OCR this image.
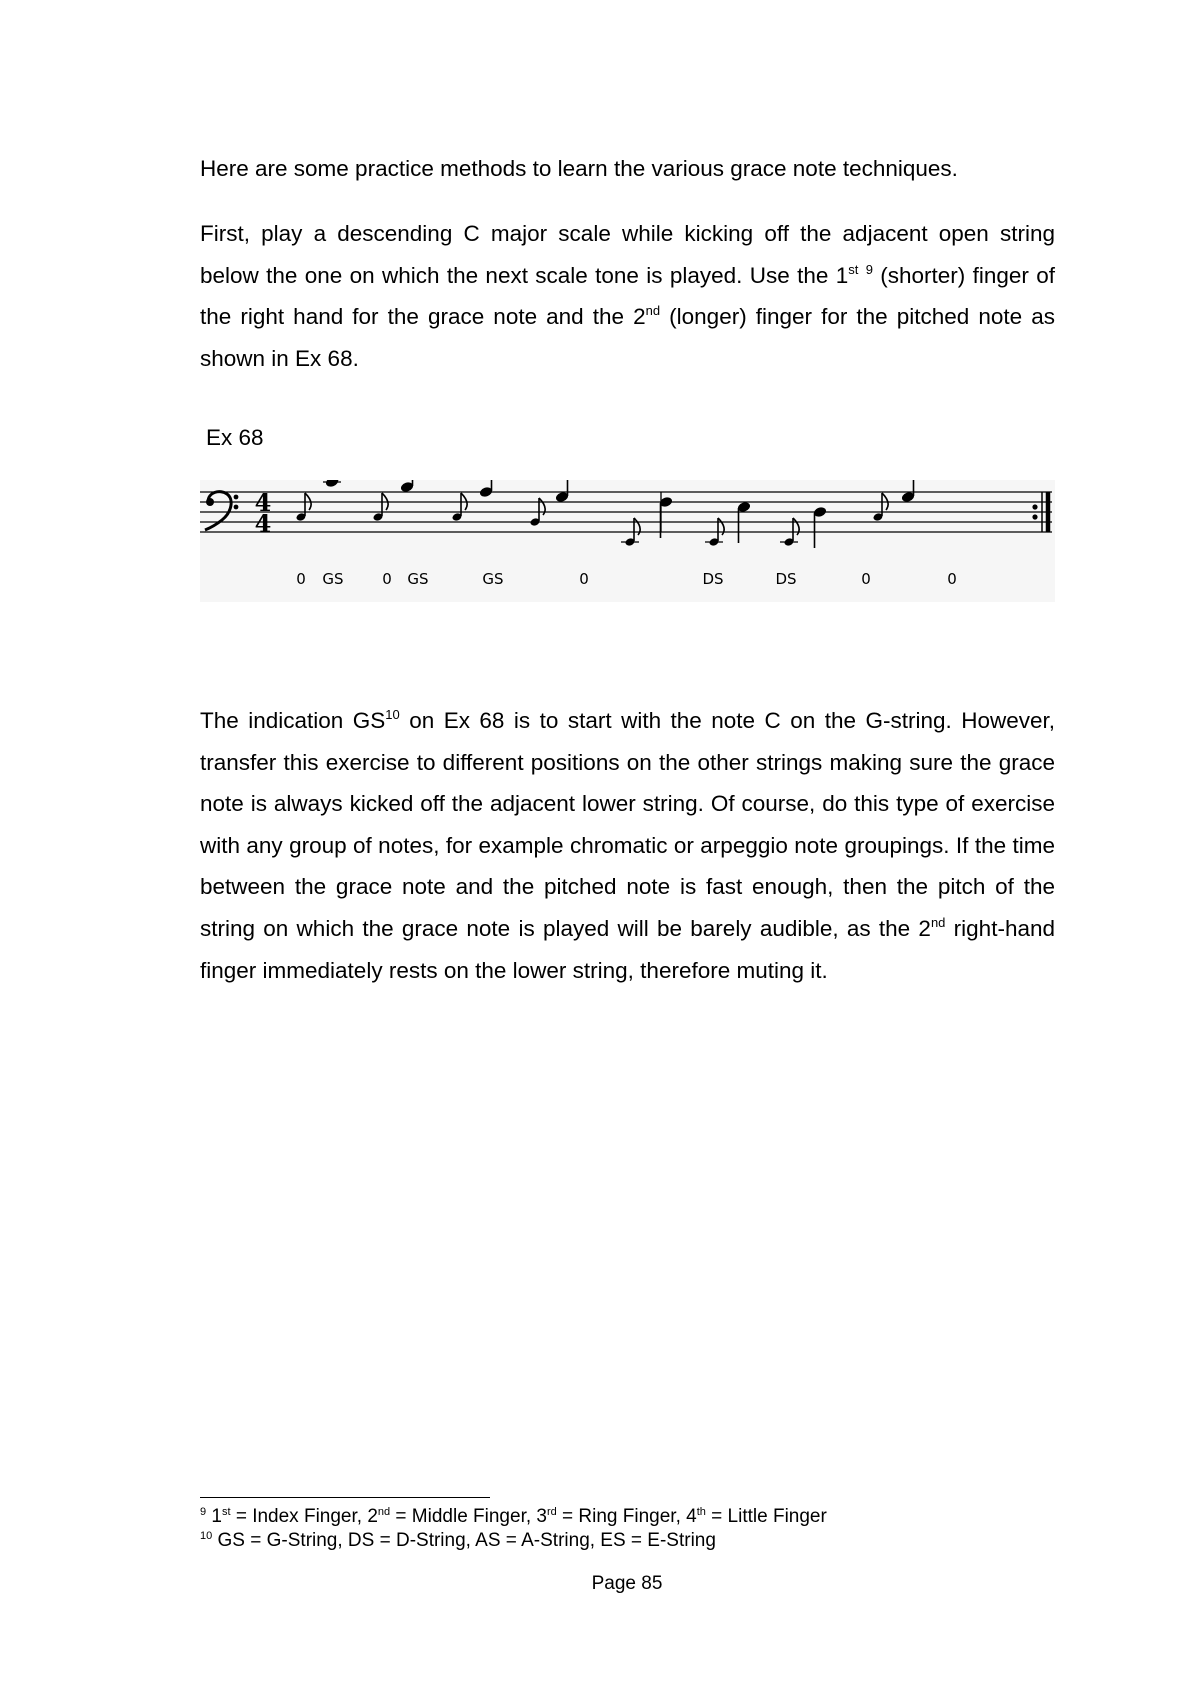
Here are some practice methods to learn the various grace note techniques.

First, play a descending C major scale while kicking off the adjacent open string below the one on which the next scale tone is played. Use the 1st $^9$ (shorter) finger of the right hand for the grace note and the 2nd (longer) finger for the pitched note as shown in Ex 68.

Ex 68

4
4
0 GS	0 GS	GS	0	DS	DS	0	0

The indication GS$^{10}$ on Ex 68 is to start with the note C on the G-string. However, transfer this exercise to different positions on the other strings making sure the grace note is always kicked off the adjacent lower string. Of course, do this type of exercise with any group of notes, for example chromatic or arpeggio note groupings. If the time between the grace note and the pitched note is fast enough, then the pitch of the string on which the grace note is played will be barely audible, as the 2nd right-hand finger immediately rests on the lower string, therefore muting it.

$^9$ 1st = Index Finger, 2nd = Middle Finger, 3rd = Ring Finger, 4th = Little Finger

$^{10}$ GS = G-String, DS = D-String, AS = A-String, ES = E-String

Page 85
